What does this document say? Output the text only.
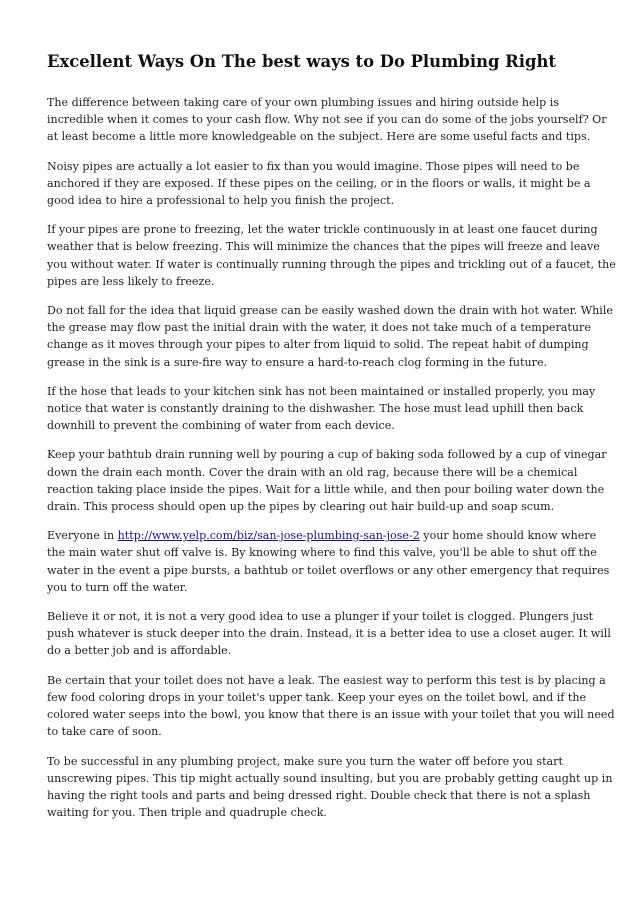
Excellent Ways On The best ways to Do Plumbing Right

The difference between taking care of your own plumbing issues and hiring outside help is
incredible when it comes to your cash flow. Why not see if you can do some of the jobs yourself? Or
at least become a little more knowledgeable on the subject. Here are some useful facts and tips.

Noisy pipes are actually a lot easier to fix than you would imagine. Those pipes will need to be
anchored if they are exposed. If these pipes on the ceiling, or in the floors or walls, it might be a
good idea to hire a professional to help you finish the project.

If your pipes are prone to freezing, let the water trickle continuously in at least one faucet during
weather that is below freezing. This will minimize the chances that the pipes will freeze and leave
you without water. If water is continually running through the pipes and trickling out of a faucet, the
pipes are less likely to freeze.

Do not fall for the idea that liquid grease can be easily washed down the drain with hot water. While
the grease may flow past the initial drain with the water, it does not take much of a temperature
change as it moves through your pipes to alter from liquid to solid. The repeat habit of dumping
grease in the sink is a sure-fire way to ensure a hard-to-reach clog forming in the future.

If the hose that leads to your kitchen sink has not been maintained or installed properly, you may
notice that water is constantly draining to the dishwasher. The hose must lead uphill then back
downhill to prevent the combining of water from each device.

Keep your bathtub drain running well by pouring a cup of baking soda followed by a cup of vinegar
down the drain each month. Cover the drain with an old rag, because there will be a chemical
reaction taking place inside the pipes. Wait for a little while, and then pour boiling water down the
drain. This process should open up the pipes by clearing out hair build-up and soap scum.

Everyone in http://www.yelp.com/biz/san-jose-plumbing-san-jose-2 your home should know where
the main water shut off valve is. By knowing where to find this valve, you'll be able to shut off the
water in the event a pipe bursts, a bathtub or toilet overflows or any other emergency that requires
you to turn off the water.

Believe it or not, it is not a very good idea to use a plunger if your toilet is clogged. Plungers just
push whatever is stuck deeper into the drain. Instead, it is a better idea to use a closet auger. It will
do a better job and is affordable.

Be certain that your toilet does not have a leak. The easiest way to perform this test is by placing a
few food coloring drops in your toilet's upper tank. Keep your eyes on the toilet bowl, and if the
colored water seeps into the bowl, you know that there is an issue with your toilet that you will need
to take care of soon.

To be successful in any plumbing project, make sure you turn the water off before you start
unscrewing pipes. This tip might actually sound insulting, but you are probably getting caught up in
having the right tools and parts and being dressed right. Double check that there is not a splash
waiting for you. Then triple and quadruple check.
